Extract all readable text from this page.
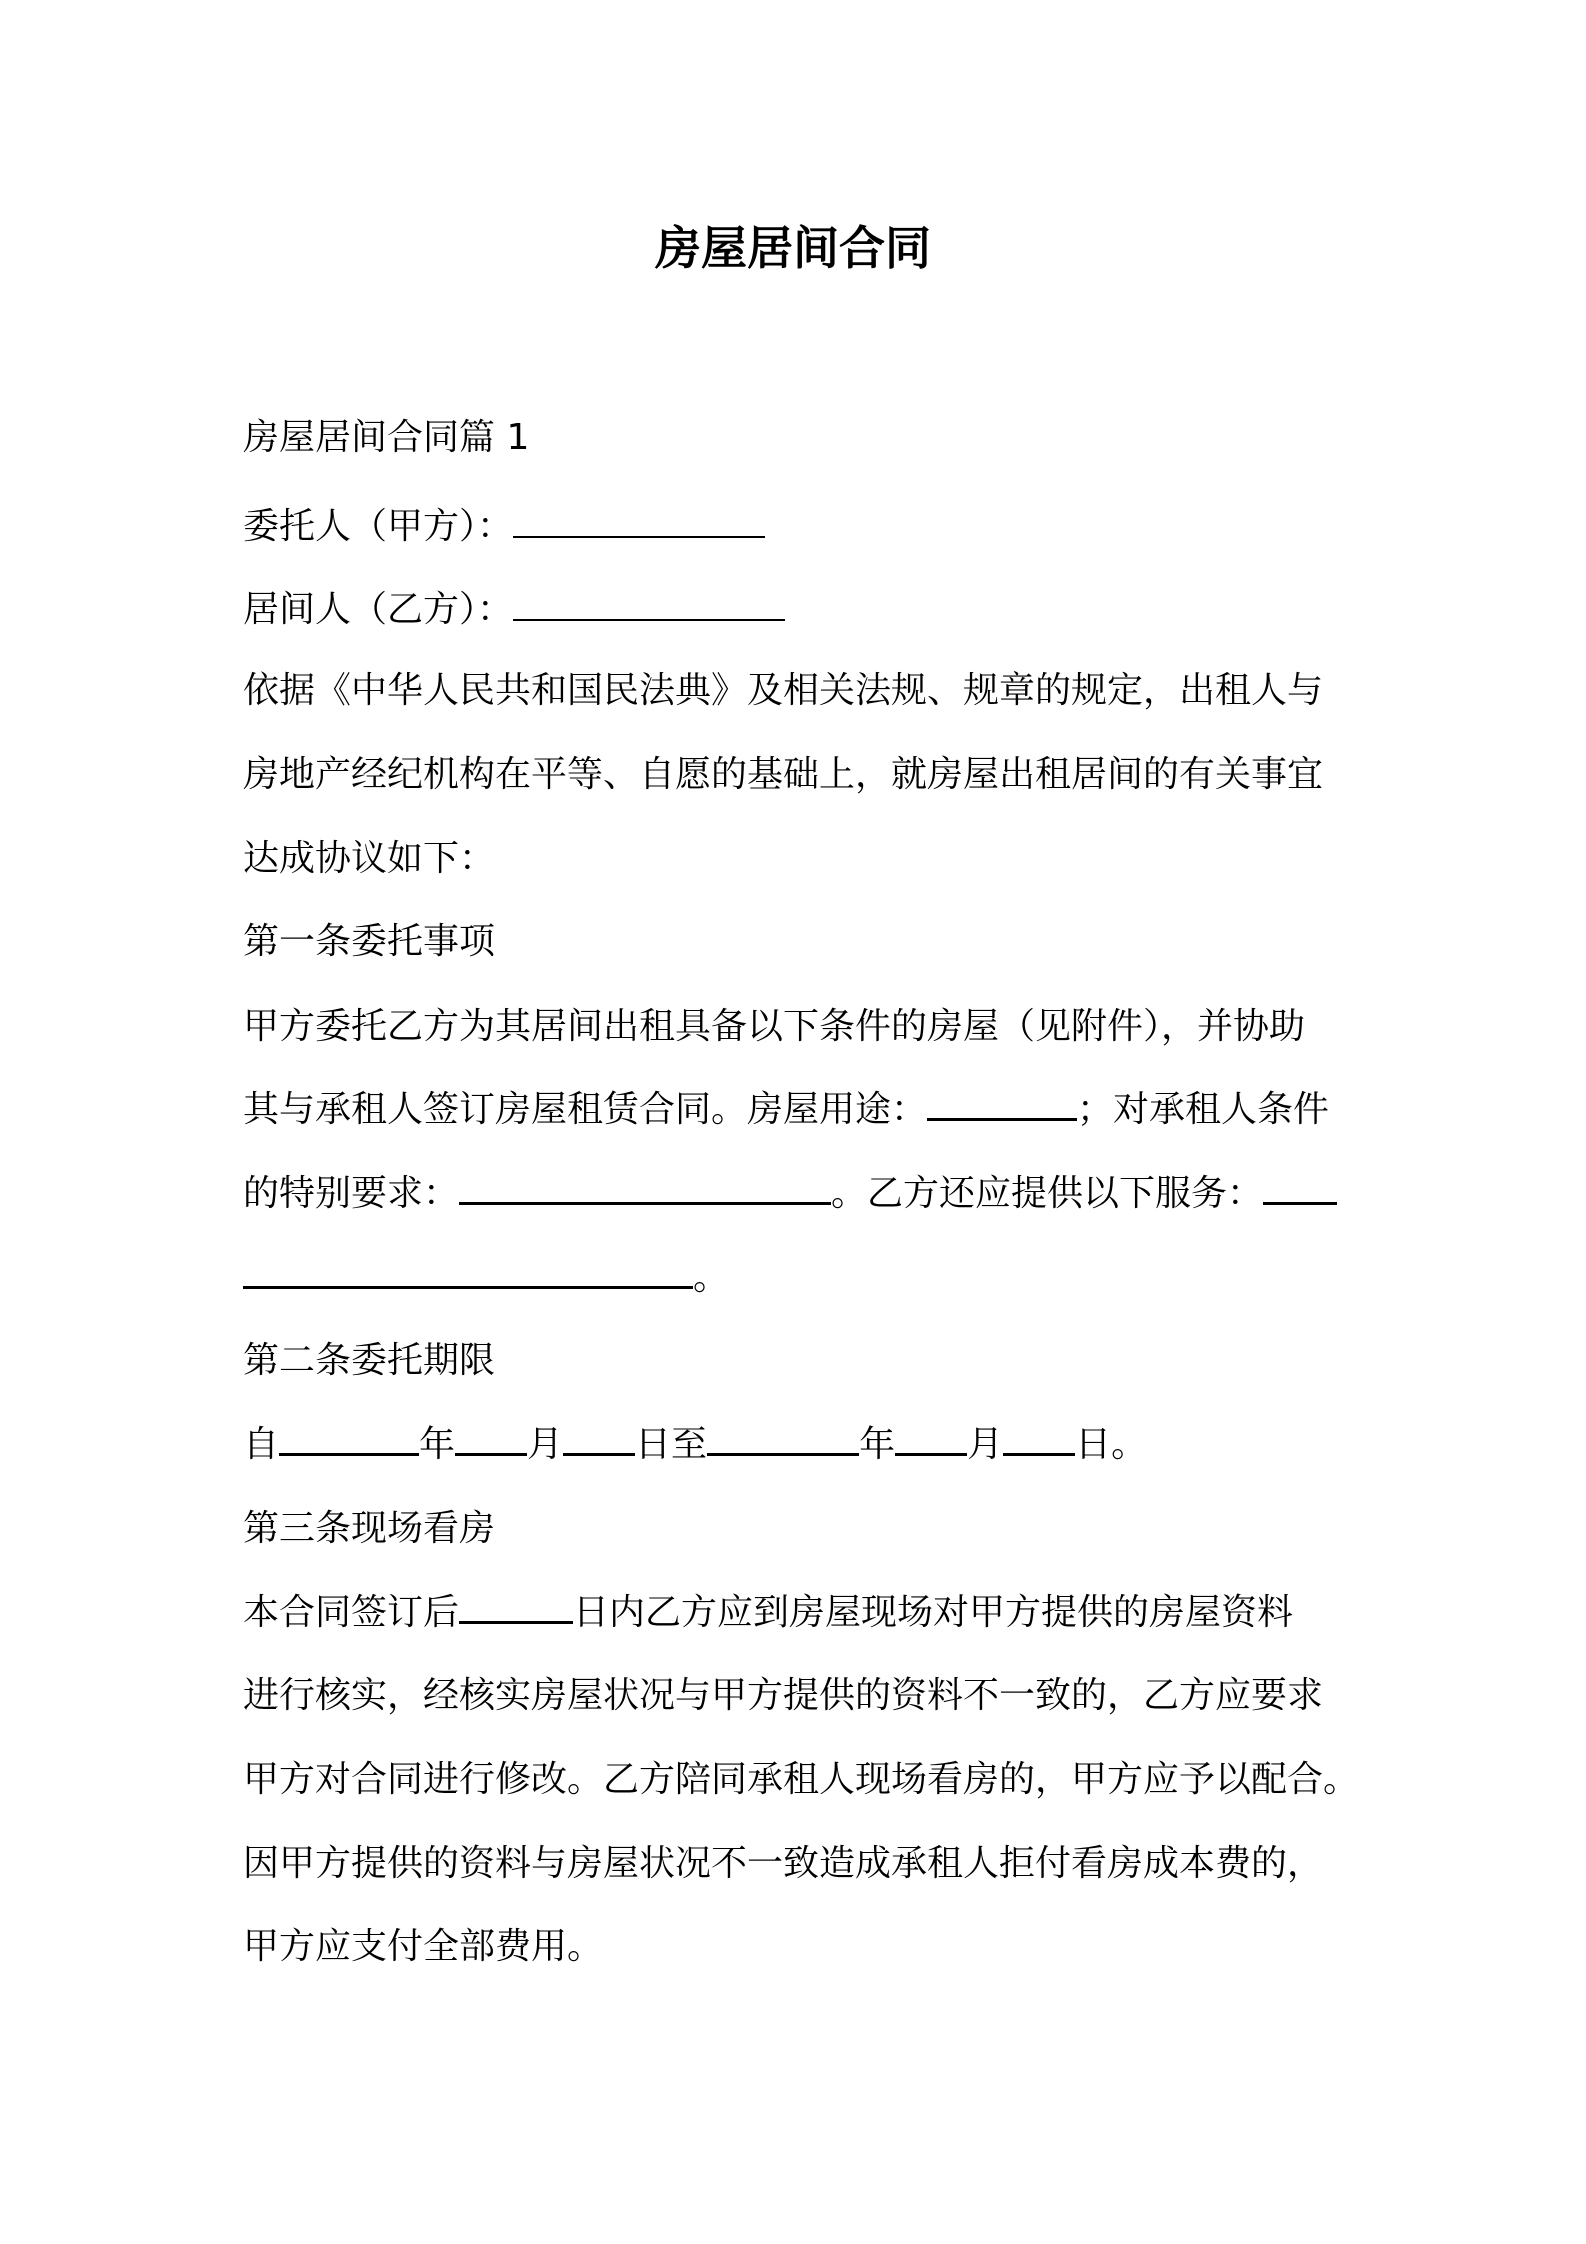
房屋居间合同
房屋居间合同篇 1
委托人（甲方）：
居间人（乙方）：
依据《中华人民共和国民法典》及相关法规、规章的规定，出租人与
房地产经纪机构在平等、自愿的基础上，就房屋出租居间的有关事宜
达成协议如下：
第一条委托事项
甲方委托乙方为其居间出租具备以下条件的房屋（见附件），并协助
其与承租人签订房屋租赁合同。房屋用途：	；对承租人条件
的特别要求：	。乙方还应提供以下服务：
。
第二条委托期限
自	年 月 日至	年 月 日。
第三条现场看房
本合同签订后	日内乙方应到房屋现场对甲方提供的房屋资料
进行核实，经核实房屋状况与甲方提供的资料不一致的，乙方应要求
甲方对合同进行修改。乙方陪同承租人现场看房的，甲方应予以配合。
因甲方提供的资料与房屋状况不一致造成承租人拒付看房成本费的，
甲方应支付全部费用。
